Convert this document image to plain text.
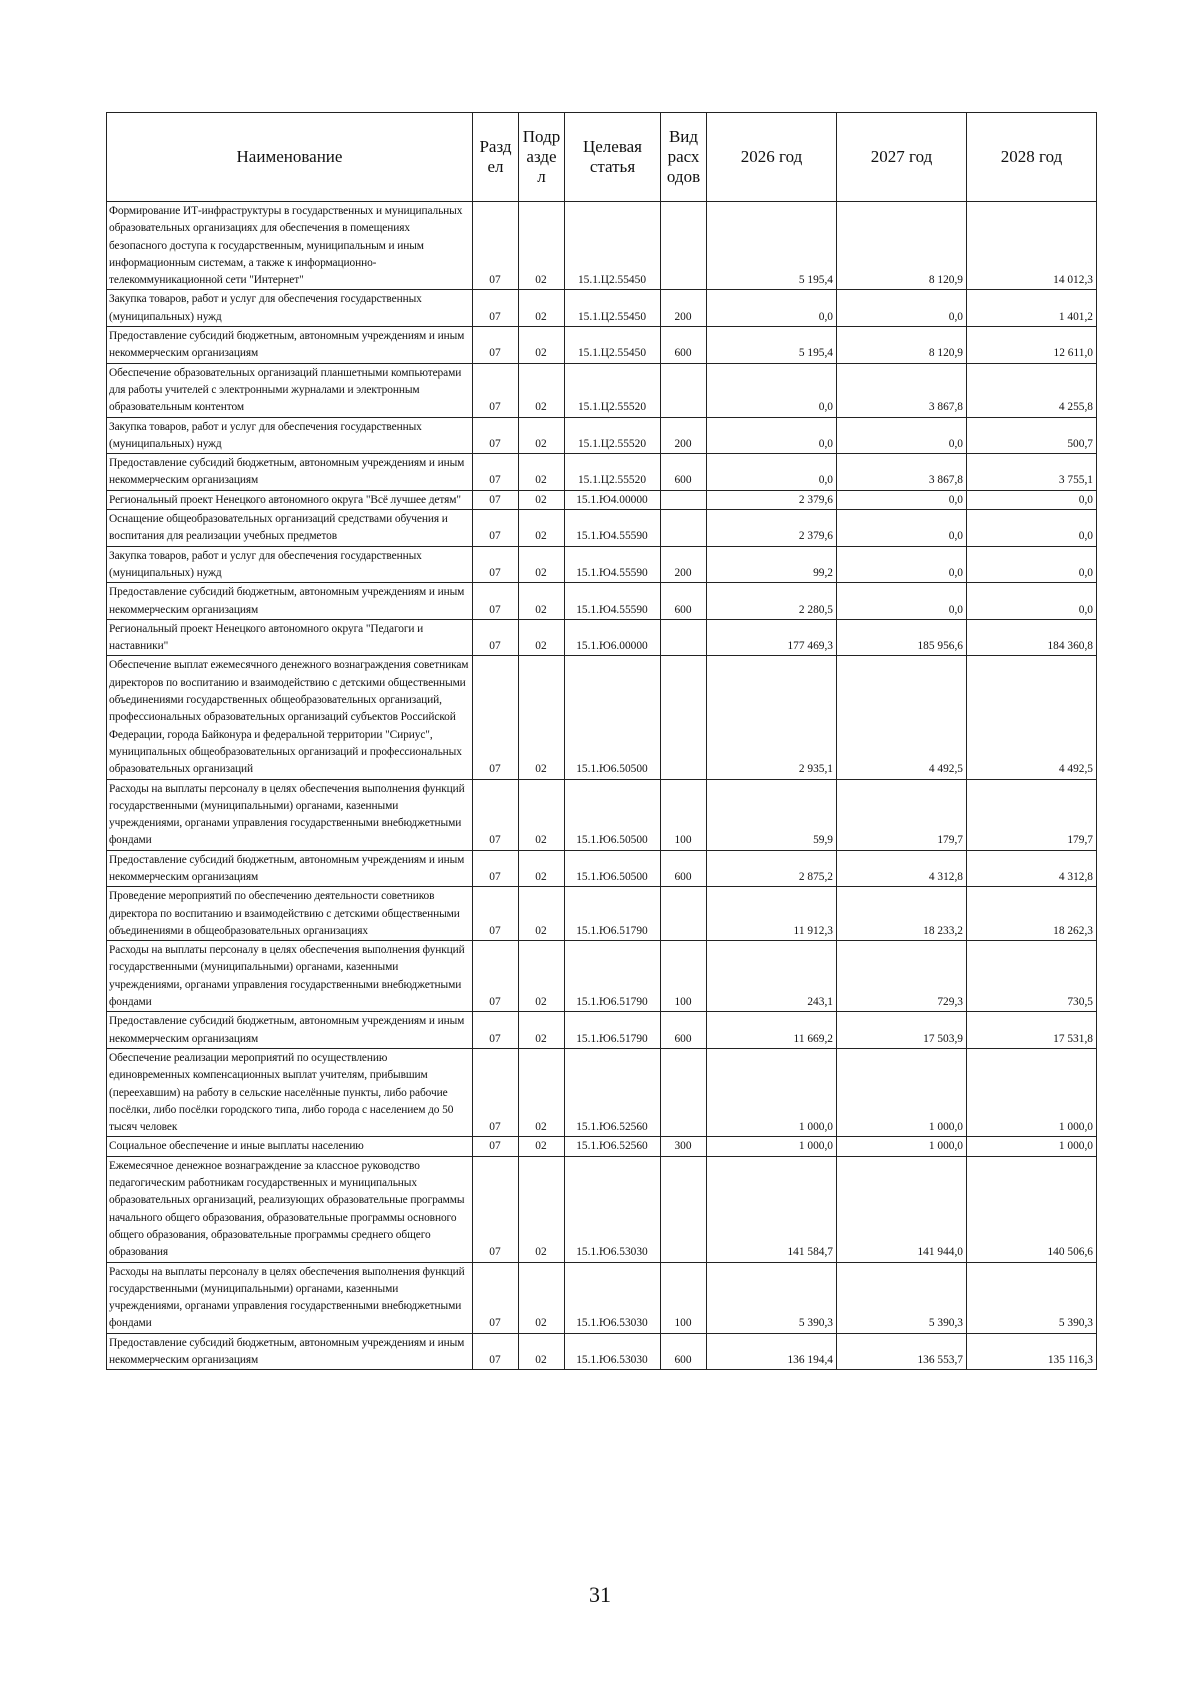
Наименование	Разд ел	Подр азде л	Целевая статья	Вид расх одов	2026 год	2027 год	2028 год
Формирование ИТ-инфраструктуры в государственных и муниципальных образовательных организациях для обеспечения в помещениях безопасного доступа к государственным, муниципальным и иным информационным системам, а также к информационно-телекоммуникационной сети "Интернет"	07	02	15.1.Ц2.55450		5 195,4	8 120,9	14 012,3
Закупка товаров, работ и услуг для обеспечения государственных (муниципальных) нужд	07	02	15.1.Ц2.55450	200	0,0	0,0	1 401,2
Предоставление субсидий бюджетным, автономным учреждениям и иным некоммерческим организациям	07	02	15.1.Ц2.55450	600	5 195,4	8 120,9	12 611,0
Обеспечение образовательных организаций планшетными компьютерами для работы учителей с электронными журналами и электронным образовательным контентом	07	02	15.1.Ц2.55520		0,0	3 867,8	4 255,8
Закупка товаров, работ и услуг для обеспечения государственных (муниципальных) нужд	07	02	15.1.Ц2.55520	200	0,0	0,0	500,7
Предоставление субсидий бюджетным, автономным учреждениям и иным некоммерческим организациям	07	02	15.1.Ц2.55520	600	0,0	3 867,8	3 755,1
Региональный проект Ненецкого автономного округа "Всё лучшее детям"	07	02	15.1.Ю4.00000		2 379,6	0,0	0,0
Оснащение общеобразовательных организаций средствами обучения и воспитания для реализации учебных предметов	07	02	15.1.Ю4.55590		2 379,6	0,0	0,0
Закупка товаров, работ и услуг для обеспечения государственных (муниципальных) нужд	07	02	15.1.Ю4.55590	200	99,2	0,0	0,0
Предоставление субсидий бюджетным, автономным учреждениям и иным некоммерческим организациям	07	02	15.1.Ю4.55590	600	2 280,5	0,0	0,0
Региональный проект Ненецкого автономного округа "Педагоги и наставники"	07	02	15.1.Ю6.00000		177 469,3	185 956,6	184 360,8
Обеспечение выплат ежемесячного денежного вознаграждения советникам директоров по воспитанию и взаимодействию с детскими общественными объединениями государственных общеобразовательных организаций, профессиональных образовательных организаций субъектов Российской Федерации, города Байконура и федеральной территории "Сириус", муниципальных общеобразовательных организаций и профессиональных образовательных организаций	07	02	15.1.Ю6.50500		2 935,1	4 492,5	4 492,5
Расходы на выплаты персоналу в целях обеспечения выполнения функций государственными (муниципальными) органами, казенными учреждениями, органами управления государственными внебюджетными фондами	07	02	15.1.Ю6.50500	100	59,9	179,7	179,7
Предоставление субсидий бюджетным, автономным учреждениям и иным некоммерческим организациям	07	02	15.1.Ю6.50500	600	2 875,2	4 312,8	4 312,8
Проведение мероприятий по обеспечению деятельности советников директора по воспитанию и взаимодействию с детскими общественными объединениями в общеобразовательных организациях	07	02	15.1.Ю6.51790		11 912,3	18 233,2	18 262,3
Расходы на выплаты персоналу в целях обеспечения выполнения функций государственными (муниципальными) органами, казенными учреждениями, органами управления государственными внебюджетными фондами	07	02	15.1.Ю6.51790	100	243,1	729,3	730,5
Предоставление субсидий бюджетным, автономным учреждениям и иным некоммерческим организациям	07	02	15.1.Ю6.51790	600	11 669,2	17 503,9	17 531,8
Обеспечение реализации мероприятий по осуществлению единовременных компенсационных выплат учителям, прибывшим (переехавшим) на работу в сельские населённые пункты, либо рабочие посёлки, либо посёлки городского типа, либо города с населением до 50 тысяч человек	07	02	15.1.Ю6.52560		1 000,0	1 000,0	1 000,0
Социальное обеспечение и иные выплаты населению	07	02	15.1.Ю6.52560	300	1 000,0	1 000,0	1 000,0
Ежемесячное денежное вознаграждение за классное руководство педагогическим работникам государственных и муниципальных образовательных организаций, реализующих образовательные программы начального общего образования, образовательные программы основного общего образования, образовательные программы среднего общего образования	07	02	15.1.Ю6.53030		141 584,7	141 944,0	140 506,6
Расходы на выплаты персоналу в целях обеспечения выполнения функций государственными (муниципальными) органами, казенными учреждениями, органами управления государственными внебюджетными фондами	07	02	15.1.Ю6.53030	100	5 390,3	5 390,3	5 390,3
Предоставление субсидий бюджетным, автономным учреждениям и иным некоммерческим организациям	07	02	15.1.Ю6.53030	600	136 194,4	136 553,7	135 116,3
31
